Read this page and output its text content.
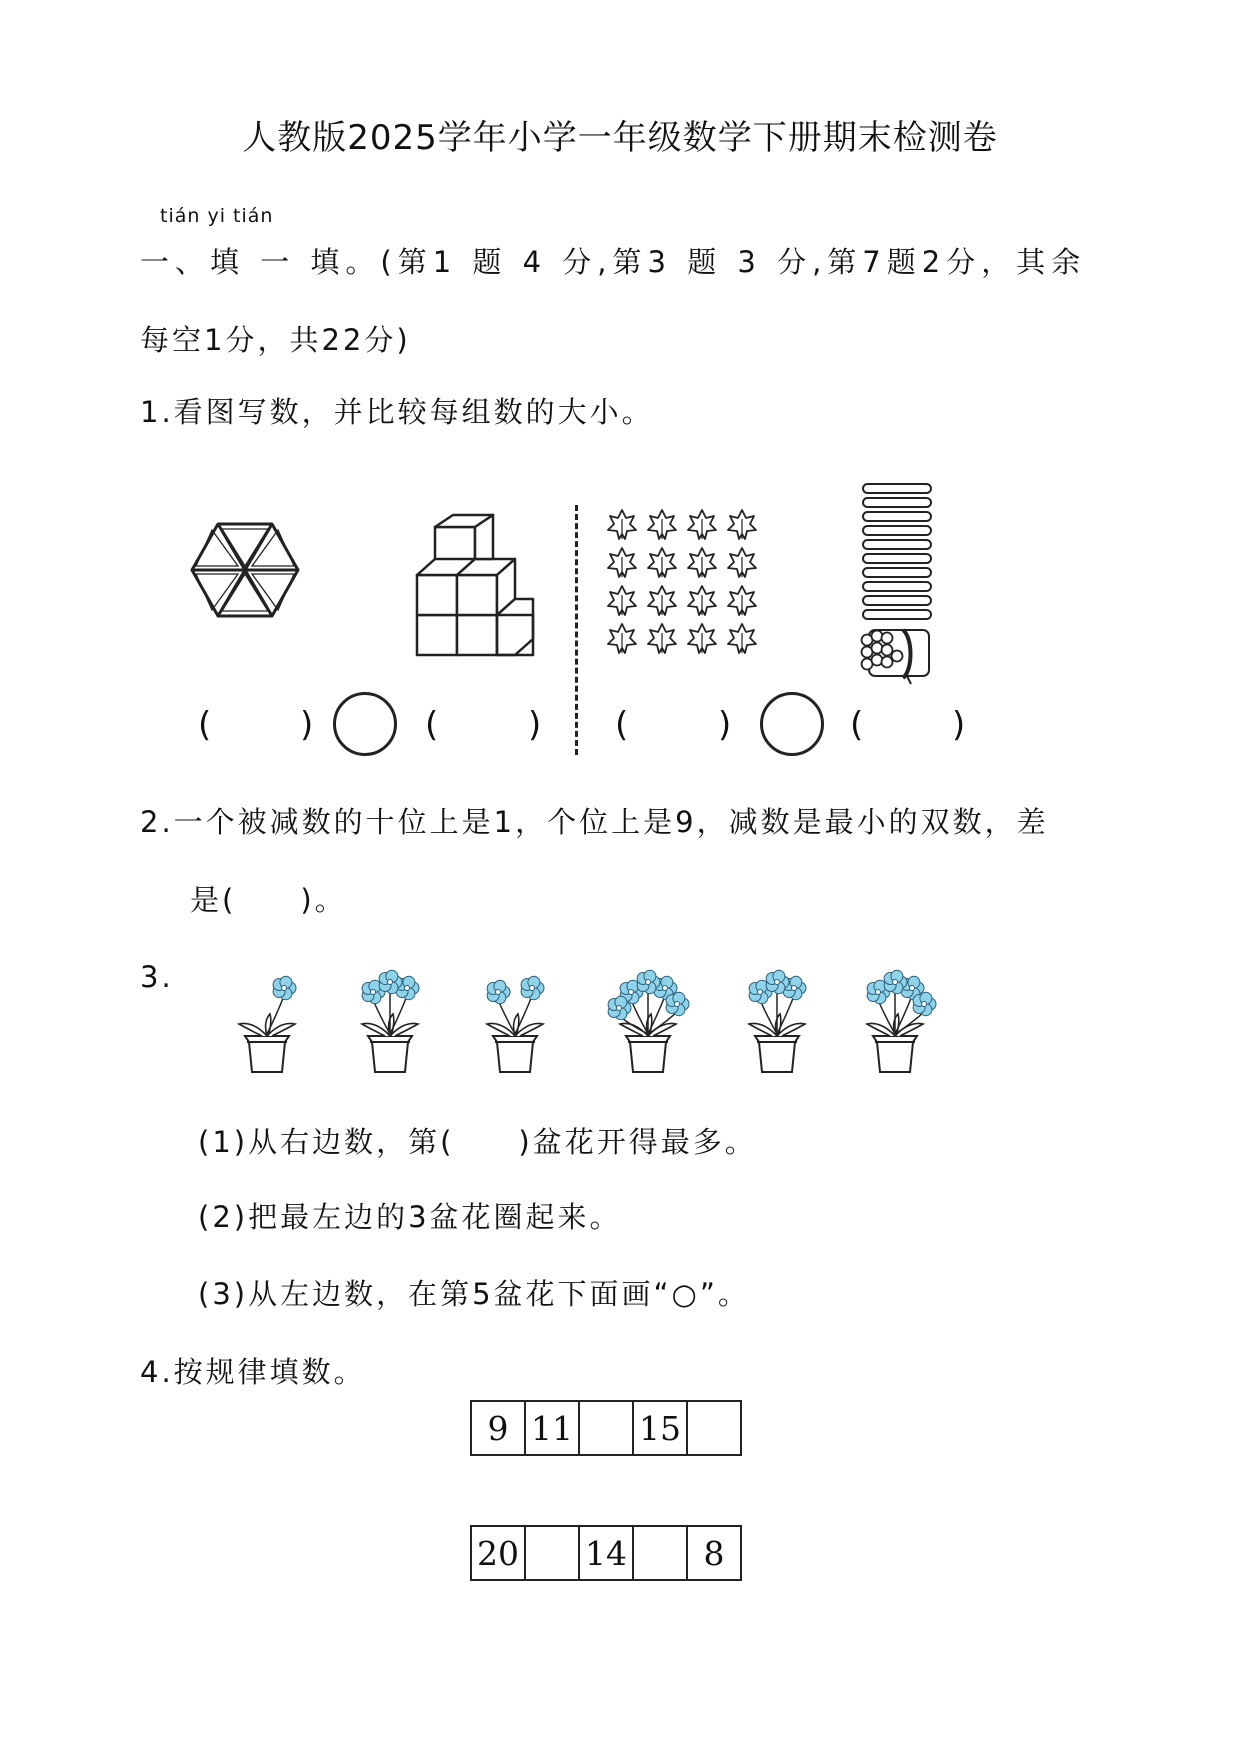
人教版2025学年小学一年级数学下册期末检测卷
tián yi tián
一、填 一 填。(第1 题 4 分,第3 题 3 分,第7题2分，其余
每空1分，共22分)
1.看图写数，并比较每组数的大小。
(	)	(	) (	)	(	)
2.一个被减数的十位上是1，个位上是9，减数是最小的双数，差
是(　　)。
3.
(1)从右边数，第(　　)盆花开得最多。
(2)把最左边的3盆花圈起来。
(3)从左边数，在第5盆花下面画“○”。
4.按规律填数。
9	11		15	
20		14		8
